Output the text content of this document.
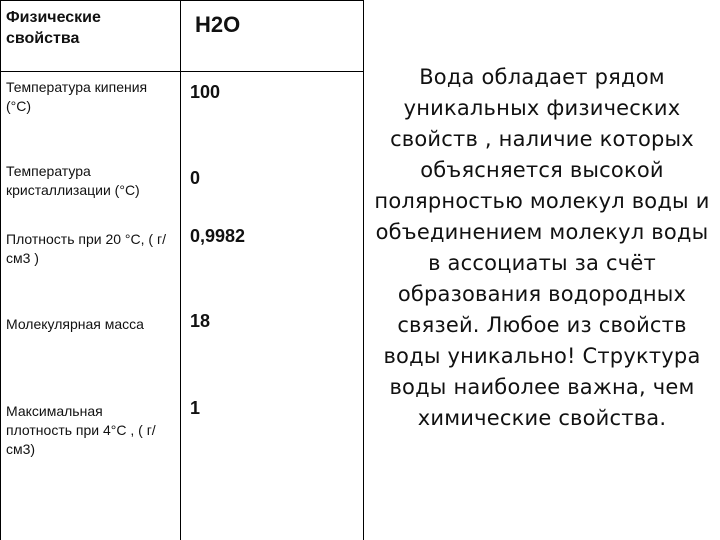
Физические свойства
H2O
Температура кипения (°С)
100
Температура кристаллизации (°С)
0
Плотность при 20 °С, ( г/см3 )
0,9982
Молекулярная масса	18
Максимальная плотность при 4°С , ( г/см3)
1
Вода обладает рядом уникальных физических свойств , наличие которых объясняется высокой полярностью молекул воды и объединением молекул воды в ассоциаты за счёт образования водородных связей. Любое из свойств воды уникально! Структура воды наиболее важна, чем химические свойства.
